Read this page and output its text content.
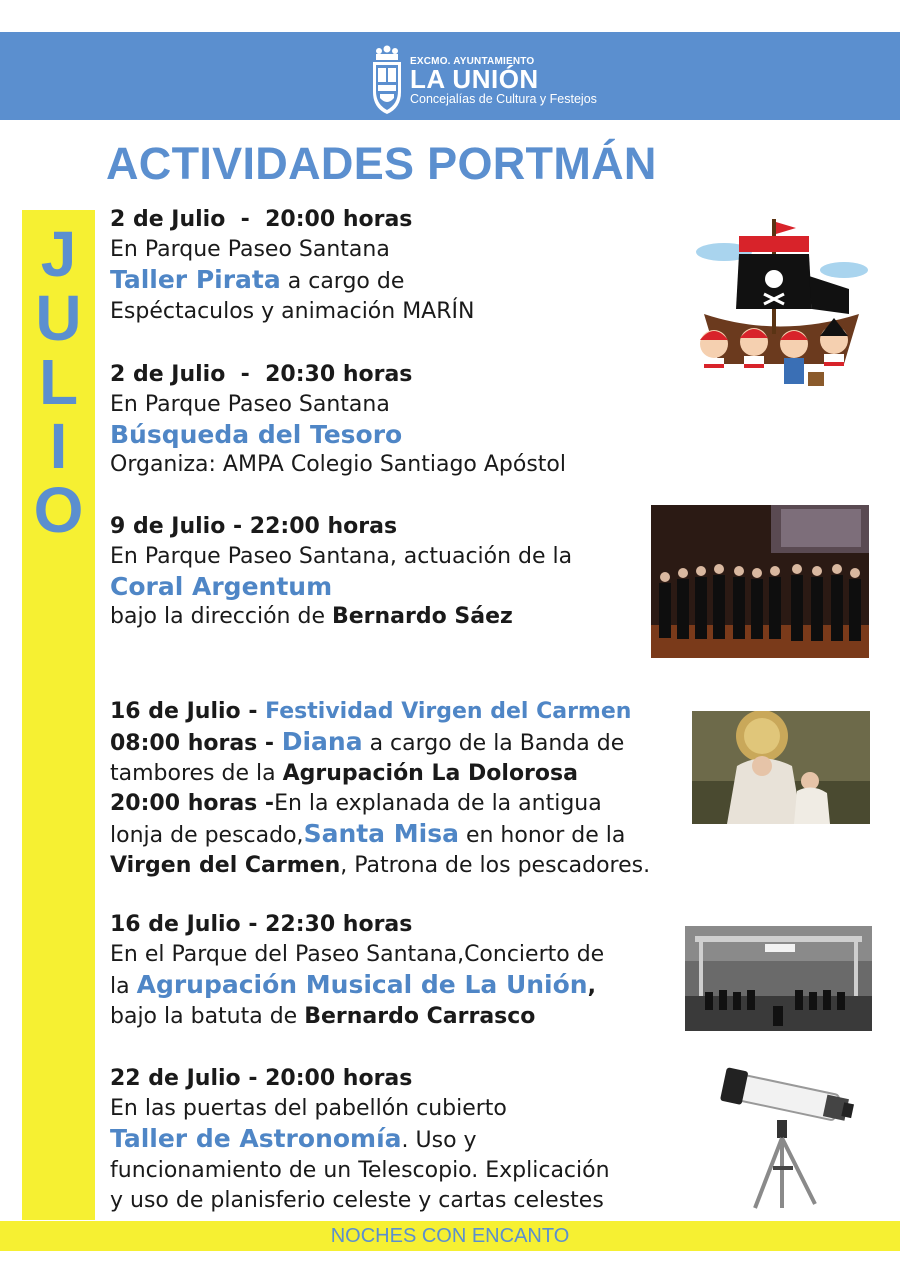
EXCMO. AYUNTAMIENTO
LA UNIÓN
Concejalías de Cultura y Festejos
ACTIVIDADES PORTMÁN
J
U
L
I
O
2 de Julio  -  20:00 horas
En Parque Paseo Santana
Taller Pirata a cargo de
Espéctaculos y animación MARÍN
2 de Julio  -  20:30 horas
En Parque Paseo Santana
Búsqueda del Tesoro
Organiza: AMPA Colegio Santiago Apóstol
9 de Julio - 22:00 horas
En Parque Paseo Santana, actuación de la
Coral Argentum
bajo la dirección de Bernardo Sáez
16 de Julio - Festividad Virgen del Carmen
08:00 horas - Diana a cargo de la Banda de
tambores de la Agrupación La Dolorosa
20:00 horas -En la explanada de la antigua
lonja de pescado,Santa Misa en honor de la
Virgen del Carmen, Patrona de los pescadores.
16 de Julio - 22:30 horas
En el Parque del Paseo Santana,Concierto de
la Agrupación Musical de La Unión,
bajo la batuta de Bernardo Carrasco
22 de Julio - 20:00 horas
En las puertas del pabellón cubierto
Taller de Astronomía. Uso y
funcionamiento de un Telescopio. Explicación
y uso de planisferio celeste y cartas celestes
NOCHES CON ENCANTO
